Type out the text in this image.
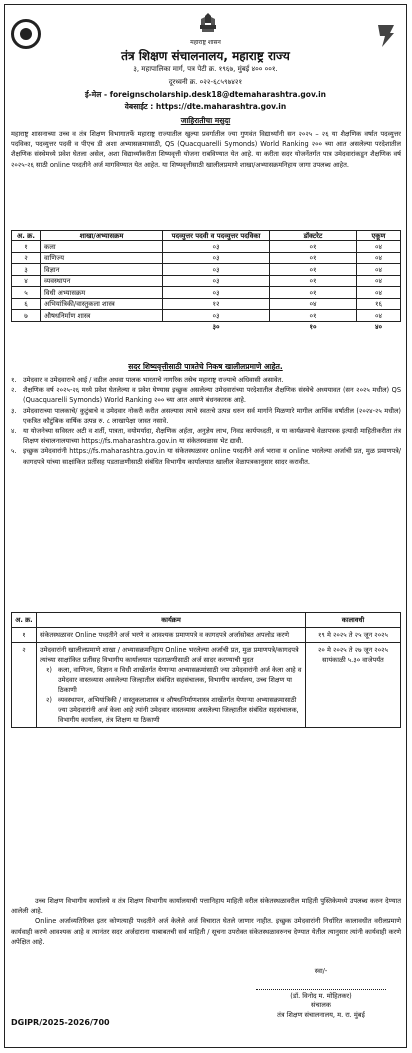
महाराष्ट्र शासन
तंत्र शिक्षण संचालनालय, महाराष्ट्र राज्य
३, महापालिका मार्ग, पत्र पेटी क्र. १९६७, मुंबई ४०० ००१.
दूरध्वनी क्र. ०२२-६८५९७४२१
ई-मेल - foreignscholarship.desk18@dtemaharashtra.gov.in
वेबसाईट : https://dte.maharashtra.gov.in
जाहिरातीचा मसुदा
महाराष्ट्र शासनाच्या उच्च व तंत्र शिक्षण विभागातर्फे महाराष्ट्र राज्यातील खुल्या प्रवर्गातील ज्या गुणवंत विद्यार्थ्यांनी सन २०२५ – २६ या शैक्षणिक वर्षात पदव्युत्तर पदविका, पदव्युत्तर पदवी व पीएच डी अशा अभ्यासक्रमासाठी, QS (Quacquarelli Symonds) World Ranking २०० च्या आत असलेल्या परदेशातील शैक्षणिक संस्थेमध्ये प्रवेश घेतला असेल, अशा विद्यार्थ्यांकरीता शिष्यवृत्ती योजना राबविण्यात येत आहे. या करीता सदर योजनेंतर्गत पात्र उमेदवारांकडून शैक्षणिक वर्ष २०२५-२६ साठी online पध्दतीने अर्ज मागविण्यात येत आहेत. या शिष्यवृत्तीसाठी खालीलप्रमाणे शाखा/अभ्यासक्रमनिहाय जागा उपलब्ध आहेत.
अ. क्र.	शाखा/अभ्यासक्रम	पदव्युत्तर पदवी व पदव्युत्तर पदविका	डॉक्टरेट	एकूण
१	कला	०३	०१	०४
२	वाणिज्य	०३	०१	०४
३	विज्ञान	०३	०१	०४
४	व्यवस्थापन	०३	०१	०४
५	विधी अभ्यासक्रम	०३	०१	०४
६	अभियांत्रिकी/वास्तुकला शास्त्र	१२	०४	१६
७	औषधनिर्माण शास्त्र	०३	०१	०४
		३०	१०	४०
सदर शिष्यवृत्तीसाठी पात्रतेचे निकष खालीलप्रमाणे आहेत.
१. उमेदवार व उमेदवाराचे आई / वडील अथवा पालक भारताचे नागरिक तसेच महाराष्ट्र राज्याचे अधिवासी असावेत.
२. शैक्षणिक वर्ष २०२५-२६ मध्ये प्रवेश घेतलेल्या व प्रवेश घेण्यास इच्छुक असलेल्या उमेदवारांच्या परदेशातील शैक्षणिक संस्थेचे अध्ययावत (सन २०२५ मधील) QS (Quacquarelli Symonds) World Ranking २०० च्या आत असणे बंधनकारक आहे.
३. उमेदवाराच्या पालकाचे/ कुटुंबाचे व उमेदवार नोकरी करीत असल्यास त्याचे स्वतःचे उत्पन्न धरुन सर्व मार्गाने मिळणारे मागील आर्थिक वर्षातील (२०२४-२५ मधील) एकत्रित कौटुंबिक वार्षिक उत्पन्न रु. ८ लाखापेक्षा जास्त नसावे.
४. या योजनेच्या सविस्तर अटी व शर्ती, पात्रता, वयोमर्यादा, शैक्षणिक अर्हता, अनुज्ञेय लाभ, निवड कार्यपध्दती, व या कार्यक्रमाचे वेळापत्रक इत्यादी माहितीकरीता तंत्र शिक्षण संचालनालयाच्या https://fs.maharashtra.gov.in या संकेतस्थळास भेट द्यावी.
५. इच्छुक उमेदवारांनी https://fs.maharashtra.gov.in या संकेतस्थळावर online पध्दतीने अर्ज भरावा व online भरलेल्या अर्जाची प्रत, मुळ प्रमाणपत्रे/कागदपत्रे यांच्या साक्षांकित प्रतींसह पडताळणीसाठी संबंधित विभागीय कार्यालयात खालील वेळापत्रकानुसार सादर करावीत.
अ. क्र.	कार्यक्रम	कालावधी
१	संकेतस्थळावर Online पध्दतीने अर्ज भरणे व आवश्यक प्रमाणपत्रे व कागदपत्रे अर्जासोबत अपलोड करणे	१९ मे २०२५ ते २५ जून २०२५
२	उमेदवारांनी खालीलप्रमाणे शाखा / अभ्यासक्रमनिहाय Online भरलेल्या अर्जाची प्रत, मुळ प्रमाणपत्रे/कागदपत्रे त्यांच्या साक्षांकित प्रतींसह विभागीय कार्यालयात पडताळणीसाठी अर्ज सादर करण्याची मुदत
१) कला, वाणिज्य, विज्ञान व विधी शाखेंतर्गत येणाऱ्या अभ्यासक्रमांसाठी ज्या उमेदवारांनी अर्ज केला आहे व उमेदवार वास्तव्यास असलेल्या जिल्हातील संबंधित सहसंचालक, विभागीय कार्यालय, उच्च शिक्षण या ठिकाणी
२) व्यवस्थापन, अभियांत्रिकी / वास्तुकलाशास्त्र व औषधनिर्माणशास्त्र शाखेंतर्गत येणाऱ्या अभ्यासक्रमासाठी ज्या उमेदवारांनी अर्ज केला आहे त्यांनी उमेदवार वास्तव्यास असलेल्या जिल्हातील संबंधित सहसंचालक, विभागीय कार्यालय, तंत्र शिक्षण या ठिकाणी	२० मे २०२५ ते २७ जून २०२५ सायंकाळी ५.३० वाजेपर्यंत

उच्च शिक्षण विभागीय कार्यालये व तंत्र शिक्षण विभागीय कार्यालयाची पत्तानिहाय माहिती वरील संकेतस्थळावरील माहिती पुस्तिकेमध्ये उपलब्ध करुन देण्यात आलेली आहे.

Online अर्जाव्यतिरिक्त इतर कोणत्याही पध्दतीने अर्ज केलेले अर्ज विचारात घेतले जाणार नाहीत. इच्छुक उमेदवारांनी निर्धारित कालावधीत वरीलप्रमाणे कार्यवाही करणे आवश्यक आहे व त्यानंतर सदर अर्जदाराना याबाबतची सर्व माहिती / सूचना उपरोक्त संकेतस्थळावरुनच देण्यात येतील त्यानुसार त्यांनी कार्यवाही करणे अपेक्षित आहे.

स्वा/-
(डॉ. विनोद म. मोहितकर)
संचालक
तंत्र शिक्षण संचालनालय, म. रा. मुंबई
DGIPR/2025-2026/700
